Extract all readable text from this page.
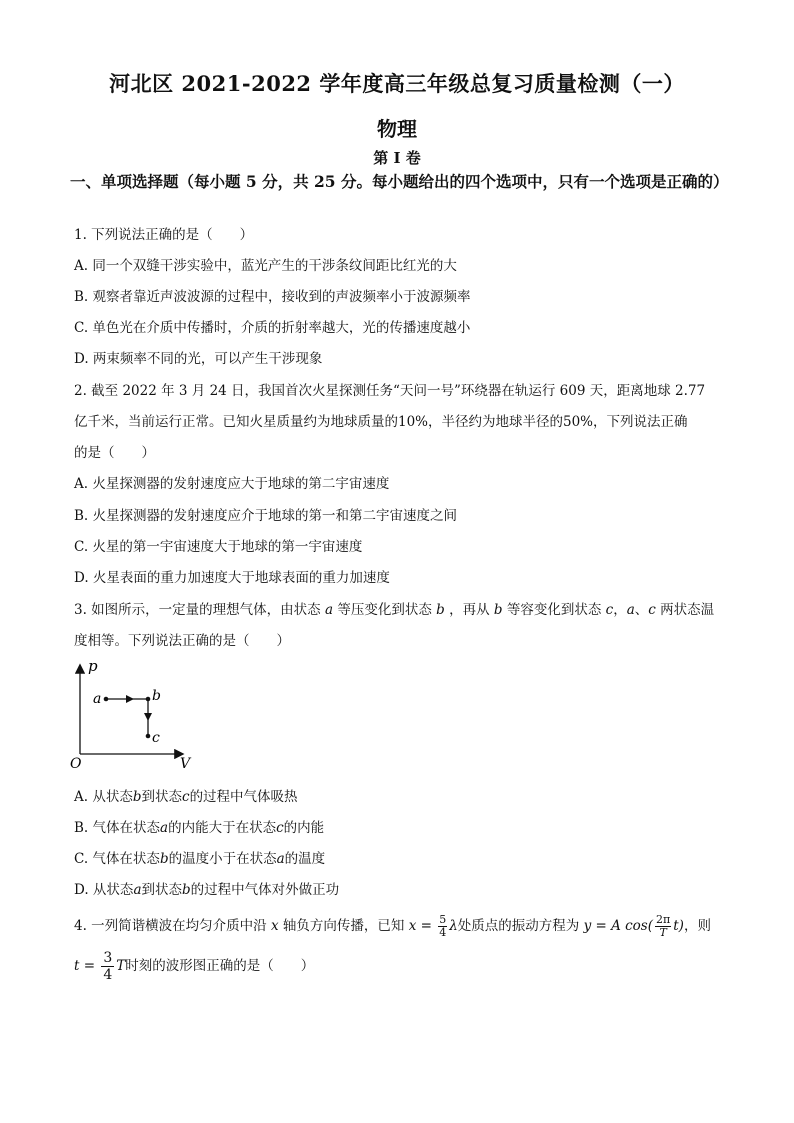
河北区 2021-2022 学年度高三年级总复习质量检测（一）
物理
第 I 卷
一、单项选择题（每小题 5 分，共 25 分。每小题给出的四个选项中，只有一个选项是正确的）
1. 下列说法正确的是（　　）
A. 同一个双缝干涉实验中，蓝光产生的干涉条纹间距比红光的大
B. 观察者靠近声波波源的过程中，接收到的声波频率小于波源频率
C. 单色光在介质中传播时，介质的折射率越大，光的传播速度越小
D. 两束频率不同的光，可以产生干涉现象
2. 截至 2022 年 3 月 24 日，我国首次火星探测任务“天问一号”环绕器在轨运行 609 天，距离地球 2.77
亿千米，当前运行正常。已知火星质量约为地球质量的10%，半径约为地球半径的50%，下列说法正确
的是（　　）
A. 火星探测器的发射速度应大于地球的第二宇宙速度
B. 火星探测器的发射速度应介于地球的第一和第二宇宙速度之间
C. 火星的第一宇宙速度大于地球的第一宇宙速度
D. 火星表面的重力加速度大于地球表面的重力加速度
3. 如图所示，一定量的理想气体，由状态 a 等压变化到状态 b ，再从 b 等容变化到状态 c，a、c 两状态温
度相等。下列说法正确的是（　　）
p
V
O
a	b
c
A. 从状态b到状态c的过程中气体吸热
B. 气体在状态a的内能大于在状态c的内能
C. 气体在状态b的温度小于在状态a的温度
D. 从状态a到状态b的过程中气体对外做正功
4. 一列简谐横波在均匀介质中沿 x 轴负方向传播，已知 $x = \frac{5}{4}$ λ处质点的振动方程为 y = A $\cos( \frac{2\pi}{T} t)$，则
$t = \frac{3}{4}$ T时刻的波形图正确的是（　　）
